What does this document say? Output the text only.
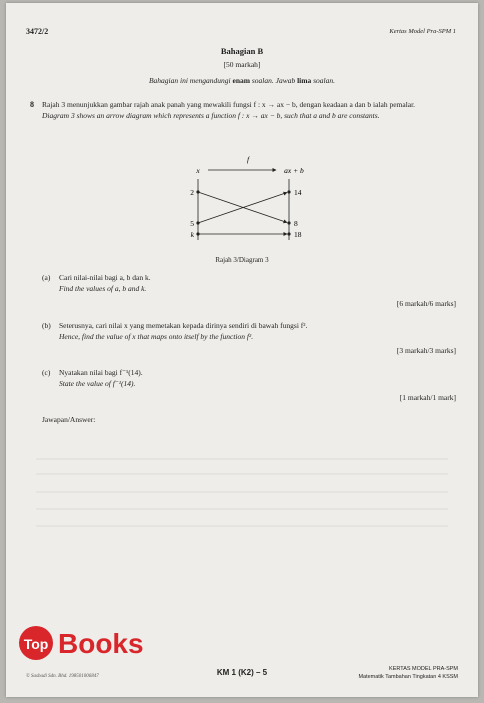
3472/2	Kertas Model Pra-SPM 1
Bahagian B
[50 markah]
Bahagian ini mengandungi enam soalan. Jawab lima soalan.
8 Rajah 3 menunjukkan gambar rajah anak panah yang mewakili fungsi f : x → ax − b, dengan keadaan a dan b ialah pemalar.
Diagram 3 shows an arrow diagram which represents a function f : x → ax − b, such that a and b are constants.
f
x	ax + b
2
5
k
14
8
18
Rajah 3/Diagram 3
(a)	Cari nilai-nilai bagi a, b dan k.
Find the values of a, b and k.
[6 markah/6 marks]
(b)	Seterusnya, cari nilai x yang memetakan kepada dirinya sendiri di bawah fungsi f².
Hence, find the value of x that maps onto itself by the function f².
[3 markah/3 marks]
(c)	Nyatakan nilai bagi f⁻¹(14).
State the value of f⁻¹(14).
[1 markah/1 mark]
Jawapan/Answer:
Top Books
© Sasbadi Sdn. Bhd. 198501006847	KM 1 (K2) – 5	KERTAS MODEL PRA-SPM
Matematik Tambahan Tingkatan 4 KSSM
